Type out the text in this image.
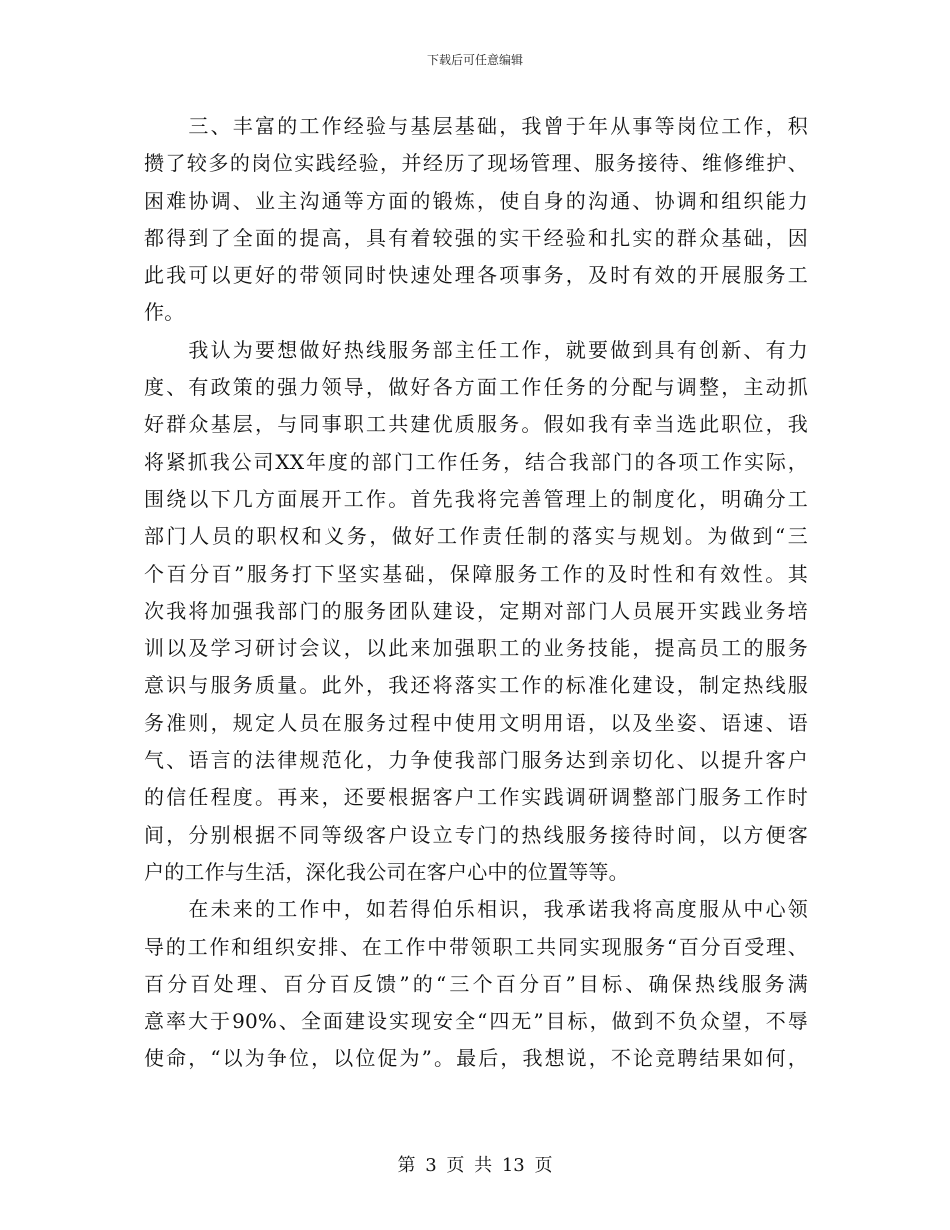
下载后可任意编辑
　　三、丰富的工作经验与基层基础，我曾于年从事等岗位工作，积
攒了较多的岗位实践经验，并经历了现场管理、服务接待、维修维护、
困难协调、业主沟通等方面的锻炼，使自身的沟通、协调和组织能力
都得到了全面的提高，具有着较强的实干经验和扎实的群众基础，因
此我可以更好的带领同时快速处理各项事务，及时有效的开展服务工
作。
　　我认为要想做好热线服务部主任工作，就要做到具有创新、有力
度、有政策的强力领导，做好各方面工作任务的分配与调整，主动抓
好群众基层，与同事职工共建优质服务。假如我有幸当选此职位，我
将紧抓我公司XX年度的部门工作任务，结合我部门的各项工作实际，
围绕以下几方面展开工作。首先我将完善管理上的制度化，明确分工
部门人员的职权和义务，做好工作责任制的落实与规划。为做到“三
个百分百”服务打下坚实基础，保障服务工作的及时性和有效性。其
次我将加强我部门的服务团队建设，定期对部门人员展开实践业务培
训以及学习研讨会议，以此来加强职工的业务技能，提高员工的服务
意识与服务质量。此外，我还将落实工作的标准化建设，制定热线服
务准则，规定人员在服务过程中使用文明用语，以及坐姿、语速、语
气、语言的法律规范化，力争使我部门服务达到亲切化、以提升客户
的信任程度。再来，还要根据客户工作实践调研调整部门服务工作时
间，分别根据不同等级客户设立专门的热线服务接待时间，以方便客
户的工作与生活，深化我公司在客户心中的位置等等。
　　在未来的工作中，如若得伯乐相识，我承诺我将高度服从中心领
导的工作和组织安排、在工作中带领职工共同实现服务“百分百受理、
百分百处理、百分百反馈”的“三个百分百”目标、确保热线服务满
意率大于90%、全面建设实现安全“四无”目标，做到不负众望，不辱
使命，“以为争位，以位促为”。最后，我想说，不论竞聘结果如何，
第 3 页 共 13 页
